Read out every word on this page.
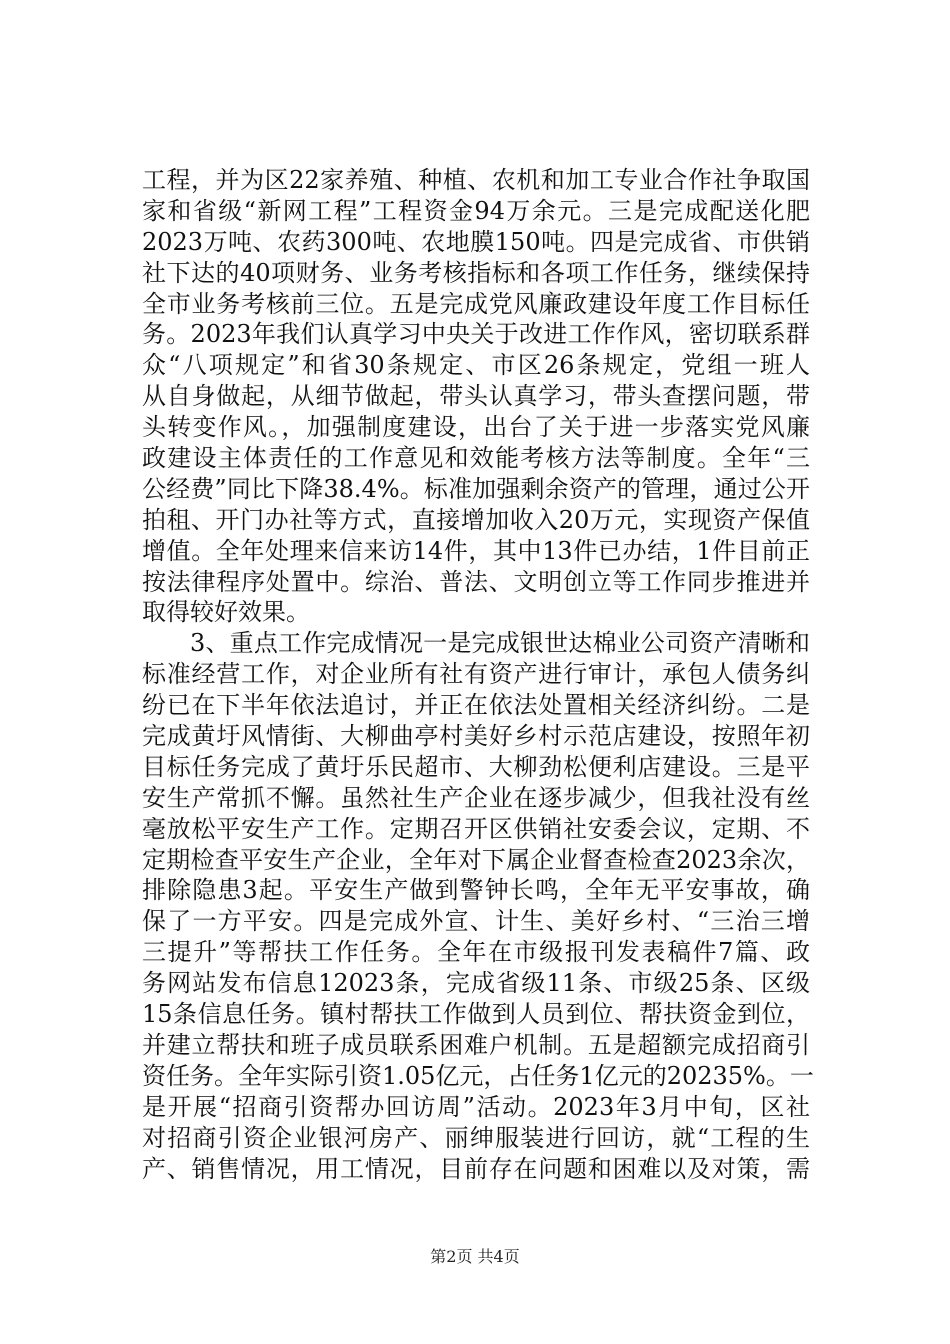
工程，并为区22家养殖、种植、农机和加工专业合作社争取国
家和省级“新网工程”工程资金94万余元。三是完成配送化肥
2023万吨、农药300吨、农地膜150吨。四是完成省、市供销
社下达的40项财务、业务考核指标和各项工作任务，继续保持
全市业务考核前三位。五是完成党风廉政建设年度工作目标任
务。2023年我们认真学习中央关于改进工作作风，密切联系群
众“八项规定”和省30条规定、市区26条规定，党组一班人
从自身做起，从细节做起，带头认真学习，带头查摆问题，带
头转变作风。，加强制度建设，出台了关于进一步落实党风廉
政建设主体责任的工作意见和效能考核方法等制度。全年“三
公经费”同比下降38.4%。标准加强剩余资产的管理，通过公开
拍租、开门办社等方式，直接增加收入20万元，实现资产保值
增值。全年处理来信来访14件，其中13件已办结，1件目前正
按法律程序处置中。综治、普法、文明创立等工作同步推进并
取得较好效果。
3、重点工作完成情况一是完成银世达棉业公司资产清晰和
标准经营工作，对企业所有社有资产进行审计，承包人债务纠
纷已在下半年依法追讨，并正在依法处置相关经济纠纷。二是
完成黄圩风情街、大柳曲亭村美好乡村示范店建设，按照年初
目标任务完成了黄圩乐民超市、大柳劲松便利店建设。三是平
安生产常抓不懈。虽然社生产企业在逐步减少，但我社没有丝
毫放松平安生产工作。定期召开区供销社安委会议，定期、不
定期检查平安生产企业，全年对下属企业督查检查2023余次，
排除隐患3起。平安生产做到警钟长鸣，全年无平安事故，确
保了一方平安。四是完成外宣、计生、美好乡村、“三治三增
三提升”等帮扶工作任务。全年在市级报刊发表稿件7篇、政
务网站发布信息12023条，完成省级11条、市级25条、区级
15条信息任务。镇村帮扶工作做到人员到位、帮扶资金到位，
并建立帮扶和班子成员联系困难户机制。五是超额完成招商引
资任务。全年实际引资1.05亿元，占任务1亿元的20235%。一
是开展“招商引资帮办回访周”活动。2023年3月中旬，区社
对招商引资企业银河房产、丽绅服装进行回访，就“工程的生
产、销售情况，用工情况，目前存在问题和困难以及对策，需
第2页 共4页
